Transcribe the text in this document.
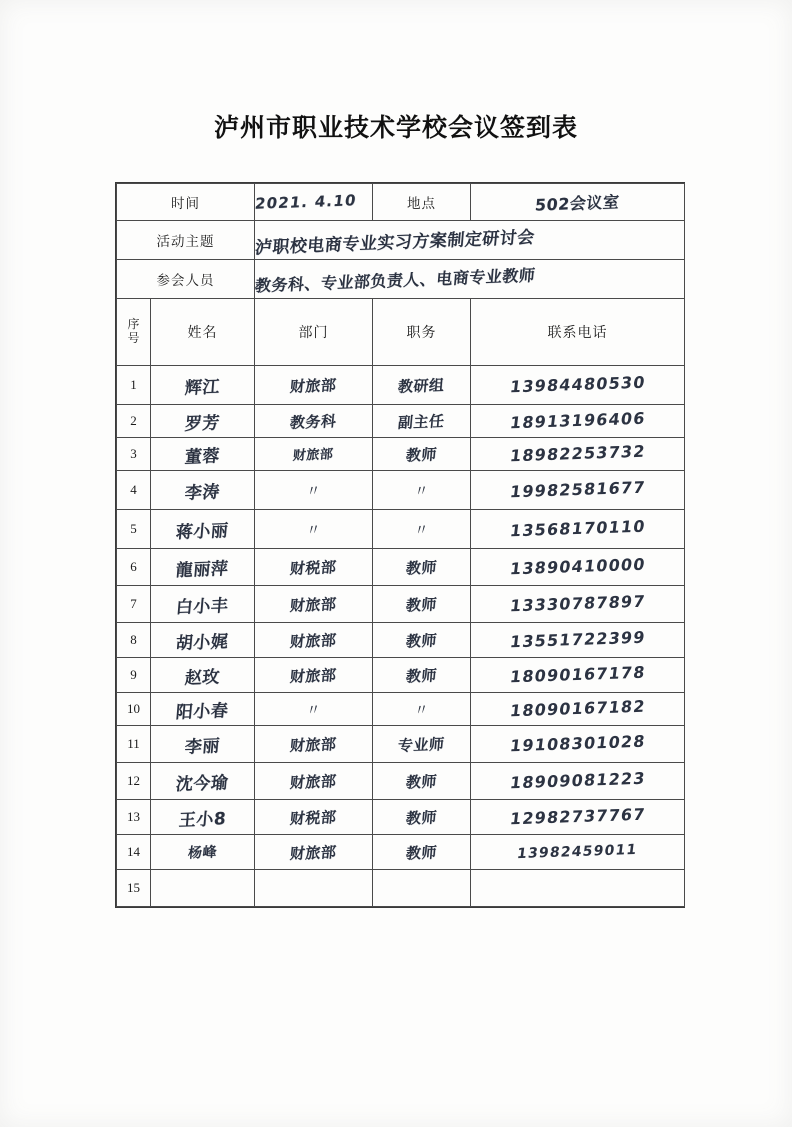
泸州市职业技术学校会议签到表
时间		2021. 4.10	地点	502会议室
活动主题		泸职校电商专业实习方案制定研讨会		
参会人员		教务科、专业部负责人、电商专业教师		
序号	姓名	部门	职务	联系电话
1	辉江	财旅部	教研组	13984480530
2	罗芳	教务科	副主任	18913196406
3	董蓉	财旅部	教师	18982253732
4	李涛	〃	〃	19982581677
5	蒋小丽	〃	〃	13568170110
6	龍丽萍	财税部	教师	13890410000
7	白小丰	财旅部	教师	13330787897
8	胡小娓	财旅部	教师	13551722399
9	赵玫	财旅部	教师	18090167178
10	阳小春	〃	〃	18090167182
11	李丽	财旅部	专业师	19108301028
12	沈今瑜	财旅部	教师	18909081223
13	王小8	财税部	教师	12982737767
14	杨峰	财旅部	教师	13982459011
15				
